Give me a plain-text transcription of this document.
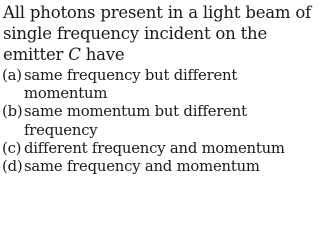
All photons present in a light beam of
single frequency incident on the
emitter C have
(a) same frequency but different
momentum
(b) same momentum but different
frequency
(c) different frequency and momentum
(d) same frequency and momentum
